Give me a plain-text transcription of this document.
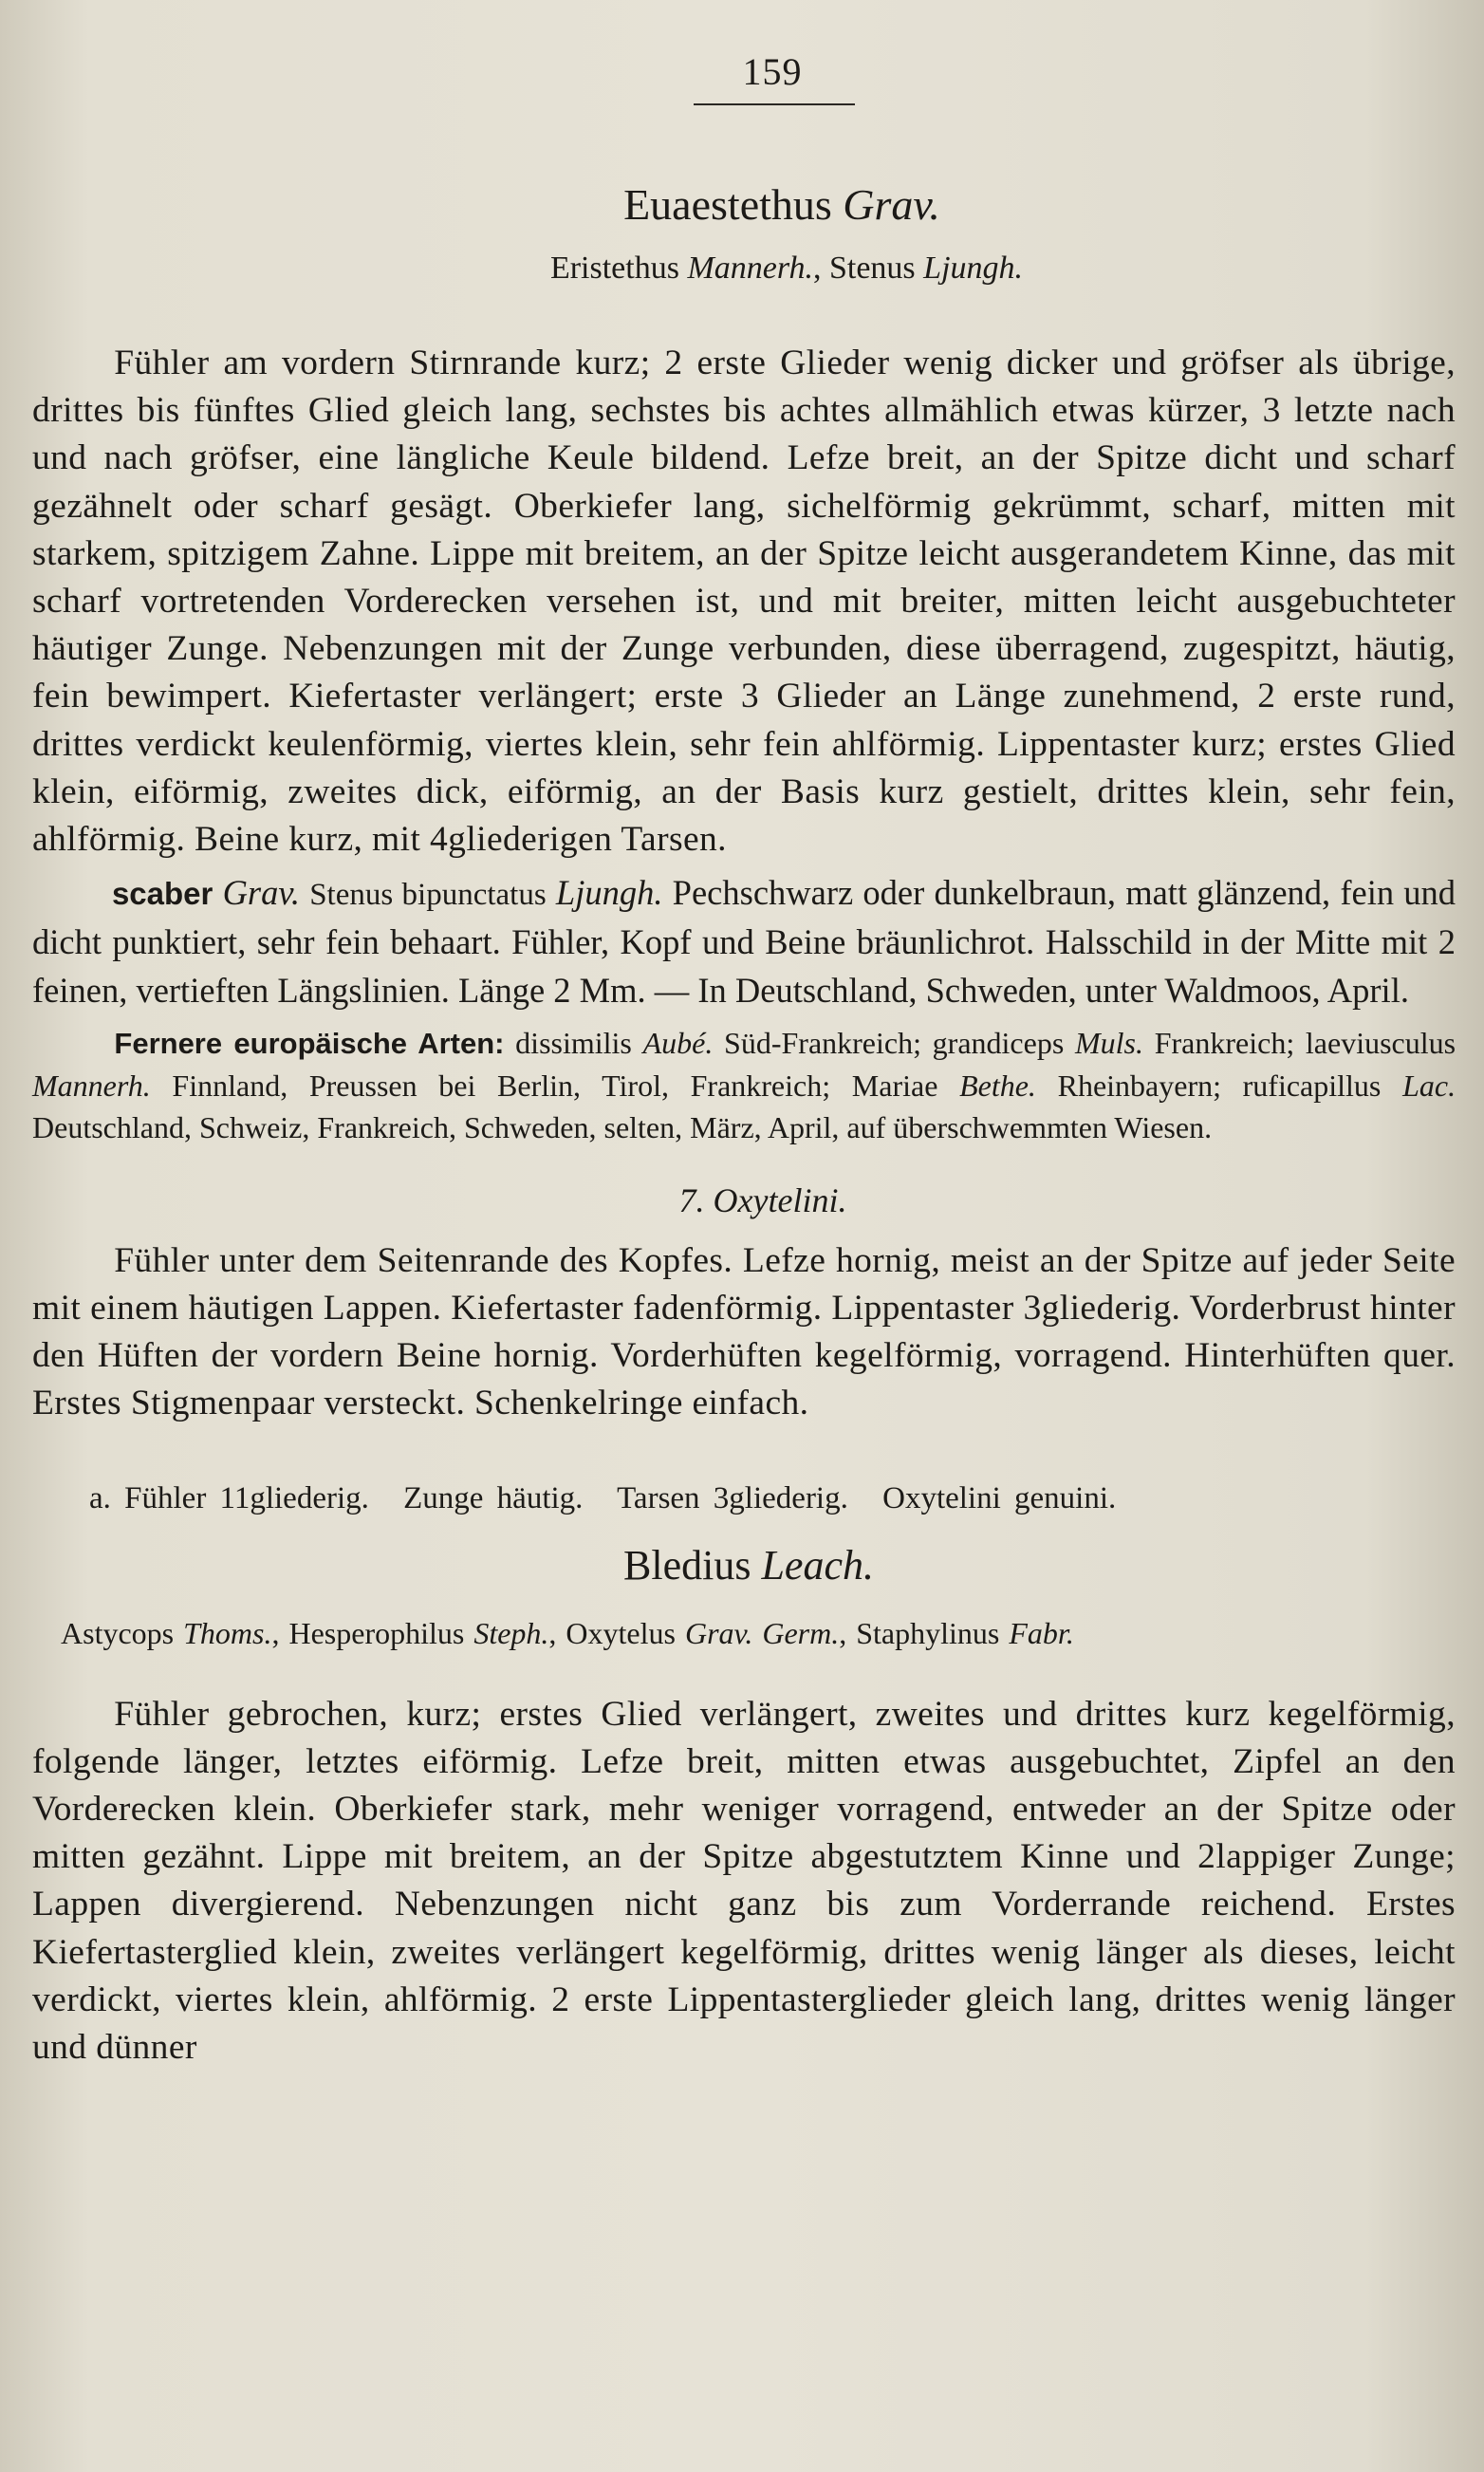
159
Euaestethus Grav.
Eristethus Mannerh., Stenus Ljungh.

Fühler am vordern Stirnrande kurz; 2 erste Glieder wenig dicker und gröfser als übrige, drittes bis fünftes Glied gleich lang, sechstes bis achtes allmählich etwas kürzer, 3 letzte nach und nach gröfser, eine längliche Keule bildend. Lefze breit, an der Spitze dicht und scharf gezähnelt oder scharf gesägt. Oberkiefer lang, sichelförmig gekrümmt, scharf, mitten mit starkem, spitzigem Zahne. Lippe mit breitem, an der Spitze leicht ausgerandetem Kinne, das mit scharf vortretenden Vorderecken versehen ist, und mit breiter, mitten leicht ausgebuchteter häutiger Zunge. Nebenzungen mit der Zunge verbunden, diese überragend, zugespitzt, häutig, fein bewimpert. Kiefertaster verlängert; erste 3 Glieder an Länge zunehmend, 2 erste rund, drittes verdickt keulenförmig, viertes klein, sehr fein ahlförmig. Lippentaster kurz; erstes Glied klein, eiförmig, zweites dick, eiförmig, an der Basis kurz gestielt, drittes klein, sehr fein, ahlförmig. Beine kurz, mit 4gliederigen Tarsen.

scaber Grav. Stenus bipunctatus Ljungh. Pechschwarz oder dunkelbraun, matt glänzend, fein und dicht punktiert, sehr fein behaart. Fühler, Kopf und Beine bräunlichrot. Halsschild in der Mitte mit 2 feinen, vertieften Längslinien. Länge 2 Mm. — In Deutschland, Schweden, unter Waldmoos, April.

Fernere europäische Arten: dissimilis Aubé. Süd-Frankreich; grandiceps Muls. Frankreich; laeviusculus Mannerh. Finnland, Preussen bei Berlin, Tirol, Frankreich; Mariae Bethe. Rheinbayern; ruficapillus Lac. Deutschland, Schweiz, Frankreich, Schweden, selten, März, April, auf überschwemmten Wiesen.

7. Oxytelini.

Fühler unter dem Seitenrande des Kopfes. Lefze hornig, meist an der Spitze auf jeder Seite mit einem häutigen Lappen. Kiefertaster fadenförmig. Lippentaster 3gliederig. Vorderbrust hinter den Hüften der vordern Beine hornig. Vorderhüften kegelförmig, vorragend. Hinterhüften quer. Erstes Stigmenpaar versteckt. Schenkelringe einfach.

a. Fühler 11gliederig. Zunge häutig. Tarsen 3gliederig. Oxytelini genuini.
Bledius Leach.
Astycops Thoms., Hesperophilus Steph., Oxytelus Grav. Germ., Staphylinus Fabr.

Fühler gebrochen, kurz; erstes Glied verlängert, zweites und drittes kurz kegelförmig, folgende länger, letztes eiförmig. Lefze breit, mitten etwas ausgebuchtet, Zipfel an den Vorderecken klein. Oberkiefer stark, mehr weniger vorragend, entweder an der Spitze oder mitten gezähnt. Lippe mit breitem, an der Spitze abgestutztem Kinne und 2lappiger Zunge; Lappen divergierend. Nebenzungen nicht ganz bis zum Vorderrande reichend. Erstes Kiefertasterglied klein, zweites verlängert kegelförmig, drittes wenig länger als dieses, leicht verdickt, viertes klein, ahlförmig. 2 erste Lippentasterglieder gleich lang, drittes wenig länger und dünner
